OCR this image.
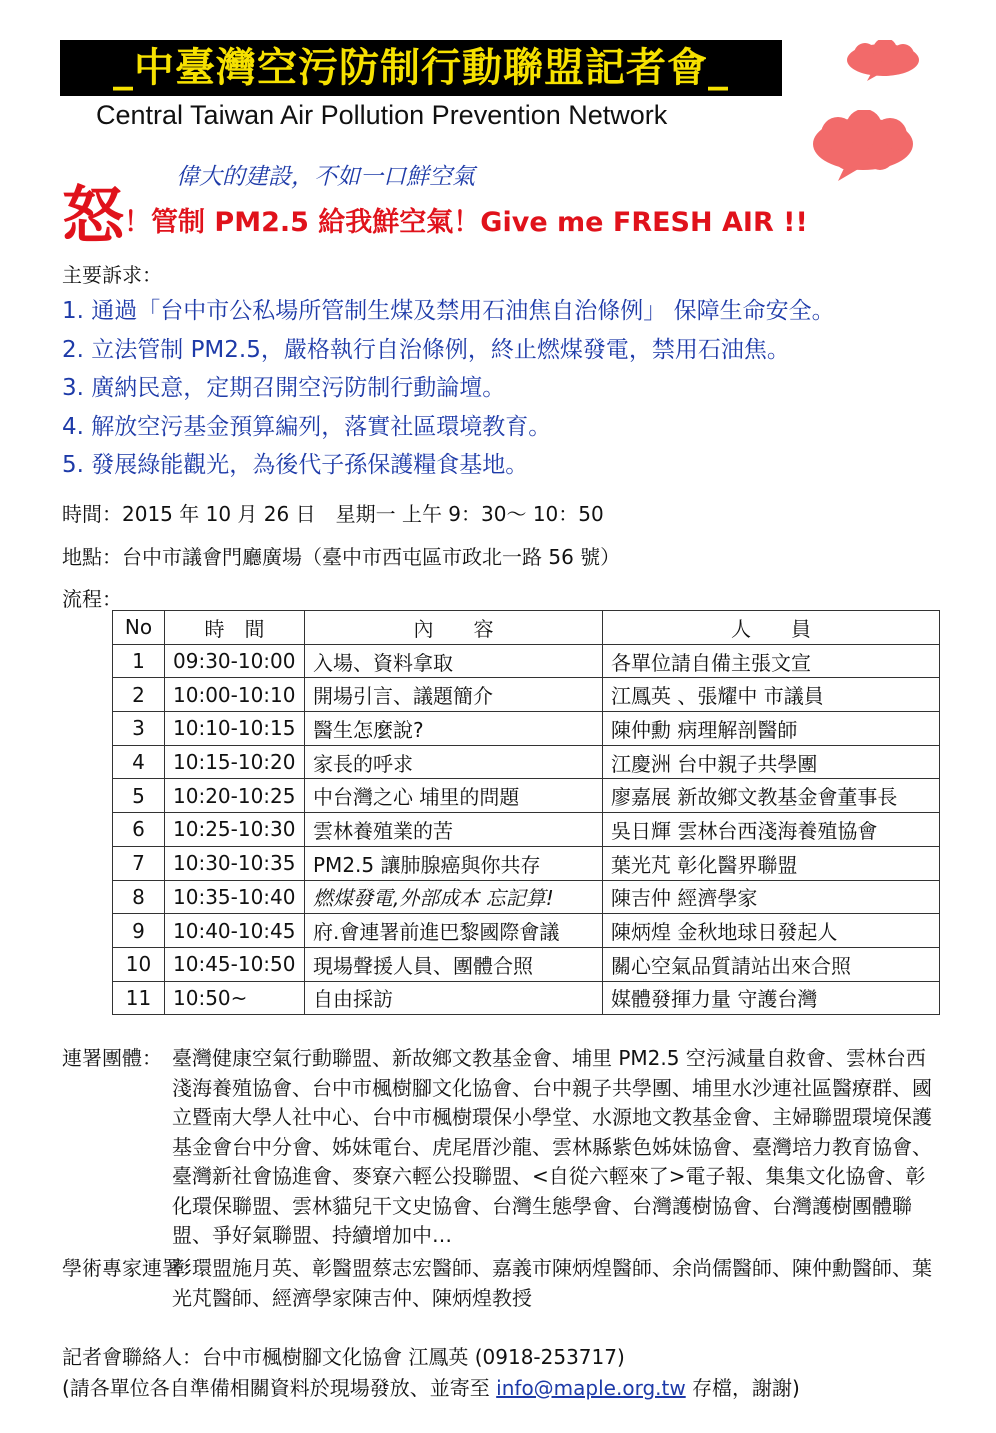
_中臺灣空污防制行動聯盟記者會_
Central Taiwan Air Pollution Prevention Network
偉大的建設，不如一口鮮空氣
怒！管制 PM2.5 給我鮮空氣！Give me FRESH AIR !!
主要訴求：
1. 通過「台中市公私場所管制生煤及禁用石油焦自治條例」 保障生命安全。
2. 立法管制 PM2.5，嚴格執行自治條例，終止燃煤發電，禁用石油焦。
3. 廣納民意，定期召開空污防制行動論壇。
4. 解放空污基金預算編列，落實社區環境教育。
5. 發展綠能觀光，為後代子孫保護糧食基地。
時間：2015 年 10 月 26 日　星期一 上午 9：30～ 10：50
地點：台中市議會門廳廣場（臺中市西屯區市政北一路 56 號）
流程：
No	時　間	內　　容	人　　員
1	09:30-10:00	入場、資料拿取	各單位請自備主張文宣
2	10:00-10:10	開場引言、議題簡介	江鳳英 、張耀中 市議員
3	10:10-10:15	醫生怎麼說?	陳仲勳 病理解剖醫師
4	10:15-10:20	家長的呼求	江慶洲 台中親子共學團
5	10:20-10:25	中台灣之心 埔里的問題	廖嘉展 新故鄉文教基金會董事長
6	10:25-10:30	雲林養殖業的苦	吳日輝 雲林台西淺海養殖協會
7	10:30-10:35	PM2.5 讓肺腺癌與你共存	葉光芃 彰化醫界聯盟
8	10:35-10:40	燃煤發電,外部成本 忘記算!	陳吉仲 經濟學家
9	10:40-10:45	府.會連署前進巴黎國際會議	陳炳煌 金秋地球日發起人
10	10:45-10:50	現場聲援人員、團體合照	關心空氣品質請站出來合照
11	10:50~	自由採訪	媒體發揮力量 守護台灣
連署團體： 臺灣健康空氣行動聯盟、新故鄉文教基金會、埔里 PM2.5 空污減量自救會、雲林台西淺海養殖協會、台中市楓樹腳文化協會、台中親子共學團、埔里水沙連社區醫療群、國立暨南大學人社中心、台中市楓樹環保小學堂、水源地文教基金會、主婦聯盟環境保護基金會台中分會、姊妹電台、虎尾厝沙龍、雲林縣紫色姊妹協會、臺灣培力教育協會、臺灣新社會協進會、麥寮六輕公投聯盟、<自從六輕來了>電子報、集集文化協會、彰化環保聯盟、雲林貓兒干文史協會、台灣生態學會、台灣護樹協會、台灣護樹團體聯盟、爭好氣聯盟、持續增加中…
學術專家連署：
彰環盟施月英、彰醫盟蔡志宏醫師、嘉義市陳炳煌醫師、余尚儒醫師、陳仲勳醫師、葉光芃醫師、經濟學家陳吉仲、陳炳煌教授
記者會聯絡人：台中市楓樹腳文化協會 江鳳英 (0918-253717)
(請各單位各自準備相關資料於現場發放、並寄至 info@maple.org.tw 存檔，謝謝)
